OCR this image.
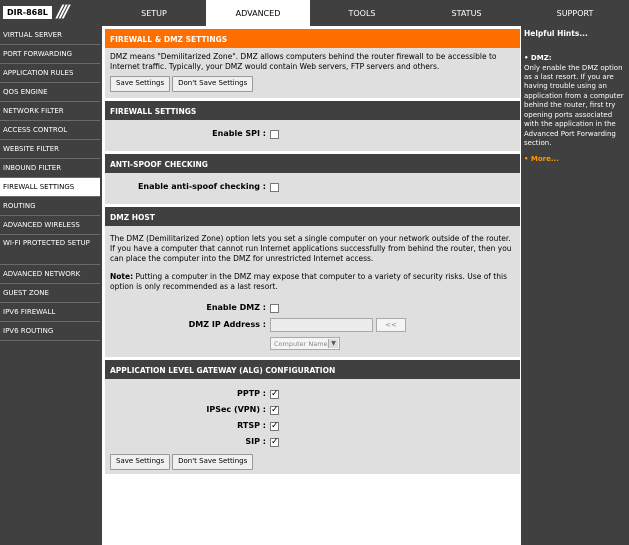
DIR-868L ///	SETUP	ADVANCED	TOOLS	STATUS	SUPPORT
VIRTUAL SERVER
PORT FORWARDING
APPLICATION RULES
QOS ENGINE
NETWORK FILTER
ACCESS CONTROL
WEBSITE FILTER
INBOUND FILTER
FIREWALL SETTINGS
ROUTING
ADVANCED WIRELESS
WI-FI PROTECTED SETUP
ADVANCED NETWORK
GUEST ZONE
IPV6 FIREWALL
IPV6 ROUTING
FIREWALL & DMZ SETTINGS
DMZ means "Demilitarized Zone". DMZ allows computers behind the router firewall to be accessible to Internet traffic. Typically, your DMZ would contain Web servers, FTP servers and others.
Save Settings Don't Save Settings
FIREWALL SETTINGS
Enable SPI :
ANTI-SPOOF CHECKING
Enable anti-spoof checking :
DMZ HOST
The DMZ (Demilitarized Zone) option lets you set a single computer on your network outside of the router. If you have a computer that cannot run Internet applications successfully from behind the router, then you can place the computer into the DMZ for unrestricted Internet access.
Note: Putting a computer in the DMZ may expose that computer to a variety of security risks. Use of this option is only recommended as a last resort.
Enable DMZ :
DMZ IP Address :	<<
Computer Name ▼
APPLICATION LEVEL GATEWAY (ALG) CONFIGURATION
PPTP :
✓
IPSec (VPN) :
✓
RTSP :
✓
SIP :
✓
Save Settings Don't Save Settings
Helpful Hints...
• DMZ:
Only enable the DMZ option as a last resort. If you are having trouble using an application from a computer behind the router, first try opening ports associated with the application in the Advanced Port Forwarding section.
• More...
